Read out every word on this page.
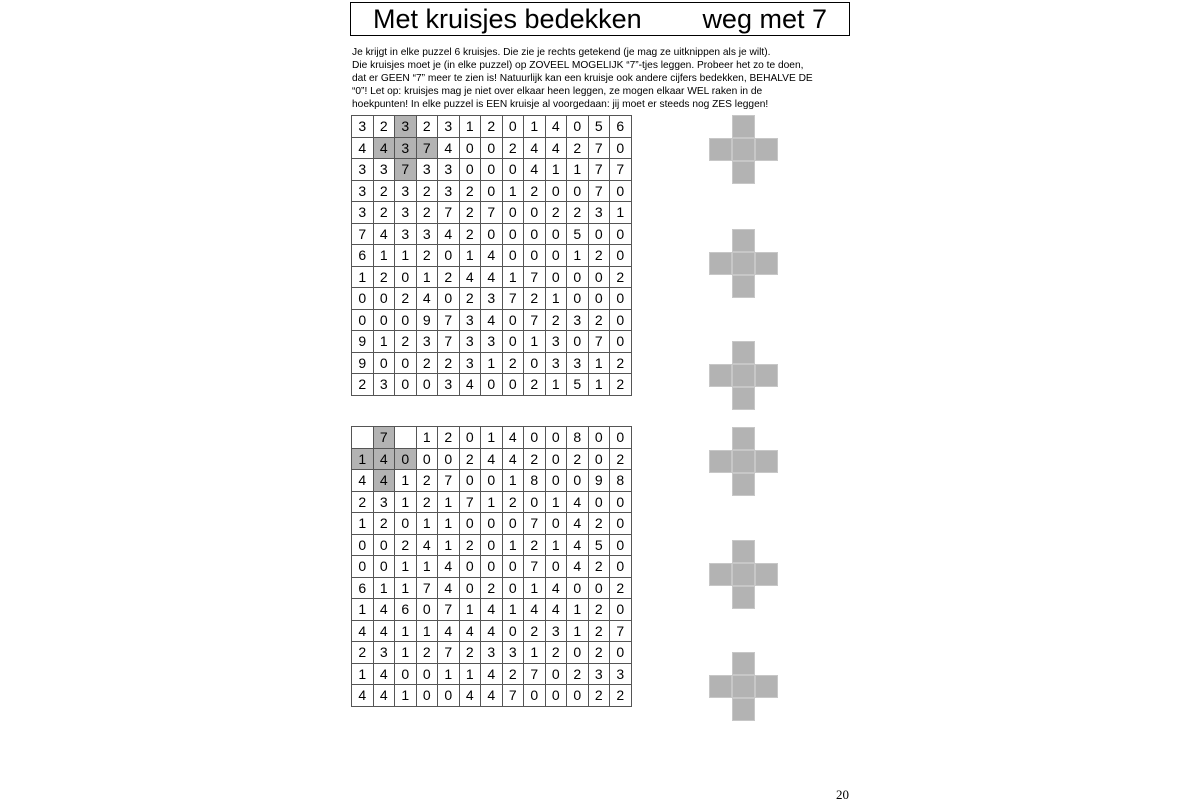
Met kruisjes bedekken weg met 7
Je krijgt in elke puzzel 6 kruisjes. Die zie je rechts getekend (je mag ze uitknippen als je wilt).
Die kruisjes moet je (in elke puzzel) op ZOVEEL MOGELIJK “7”-tjes leggen. Probeer het zo te doen,
dat er GEEN “7” meer te zien is! Natuurlijk kan een kruisje ook andere cijfers bedekken, BEHALVE DE
“0”! Let op: kruisjes mag je niet over elkaar heen leggen, ze mogen elkaar WEL raken in de
hoekpunten! In elke puzzel is EEN kruisje al voorgedaan: jij moet er steeds nog ZES leggen!
3	2	3	2	3	1	2	0	1	4	0	5	6
4	4	3	7	4	0	0	2	4	4	2	7	0
3	3	7	3	3	0	0	0	4	1	1	7	7
3	2	3	2	3	2	0	1	2	0	0	7	0
3	2	3	2	7	2	7	0	0	2	2	3	1
7	4	3	3	4	2	0	0	0	0	5	0	0
6	1	1	2	0	1	4	0	0	0	1	2	0
1	2	0	1	2	4	4	1	7	0	0	0	2
0	0	2	4	0	2	3	7	2	1	0	0	0
0	0	0	9	7	3	4	0	7	2	3	2	0
9	1	2	3	7	3	3	0	1	3	0	7	0
9	0	0	2	2	3	1	2	0	3	3	1	2
2	3	0	0	3	4	0	0	2	1	5	1	2
	7		1	2	0	1	4	0	0	8	0	0
1	4	0	0	0	2	4	4	2	0	2	0	2
4	4	1	2	7	0	0	1	8	0	0	9	8
2	3	1	2	1	7	1	2	0	1	4	0	0
1	2	0	1	1	0	0	0	7	0	4	2	0
0	0	2	4	1	2	0	1	2	1	4	5	0
0	0	1	1	4	0	0	0	7	0	4	2	0
6	1	1	7	4	0	2	0	1	4	0	0	2
1	4	6	0	7	1	4	1	4	4	1	2	0
4	4	1	1	4	4	4	0	2	3	1	2	7
2	3	1	2	7	2	3	3	1	2	0	2	0
1	4	0	0	1	1	4	2	7	0	2	3	3
4	4	1	0	0	4	4	7	0	0	0	2	2
20
